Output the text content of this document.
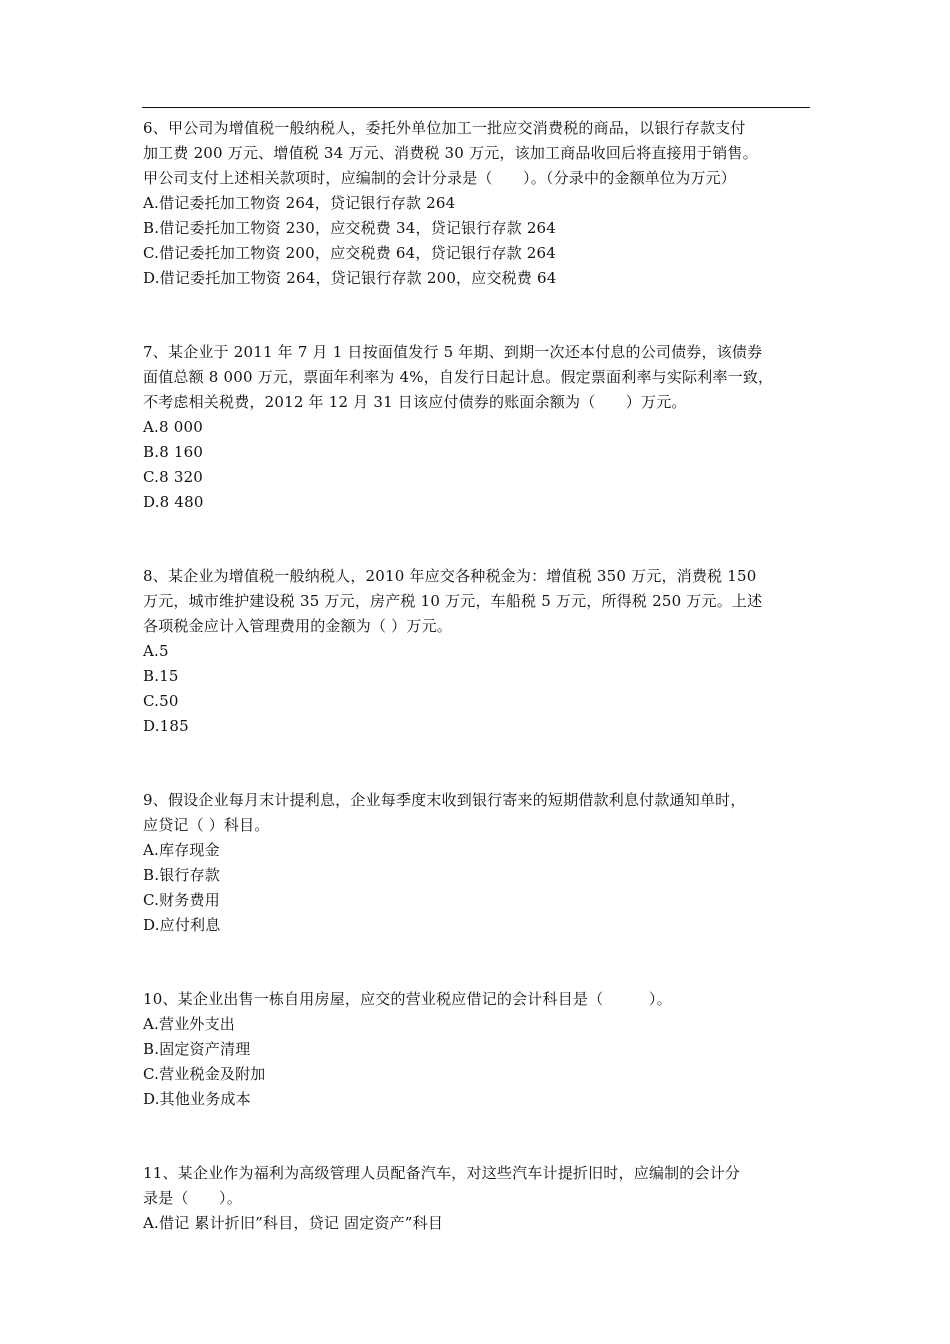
6、甲公司为增值税一般纳税人，委托外单位加工一批应交消费税的商品，以银行存款支付
加工费 200 万元、增值税 34 万元、消费税 30 万元，该加工商品收回后将直接用于销售。
甲公司支付上述相关款项时，应编制的会计分录是（　　）。（分录中的金额单位为万元）
A.借记委托加工物资 264，贷记银行存款 264
B.借记委托加工物资 230，应交税费 34，贷记银行存款 264
C.借记委托加工物资 200，应交税费 64，贷记银行存款 264
D.借记委托加工物资 264，贷记银行存款 200，应交税费 64
7、某企业于 2011 年 7 月 1 日按面值发行 5 年期、到期一次还本付息的公司债券，该债券
面值总额 8 000 万元，票面年利率为 4%，自发行日起计息。假定票面利率与实际利率一致，
不考虑相关税费，2012 年 12 月 31 日该应付债券的账面余额为（　　）万元。
A.8 000
B.8 160
C.8 320
D.8 480
8、某企业为增值税一般纳税人，2010 年应交各种税金为：增值税 350 万元，消费税 150
万元，城市维护建设税 35 万元，房产税 10 万元，车船税 5 万元，所得税 250 万元。上述
各项税金应计入管理费用的金额为（ ）万元。
A.5
B.15
C.50
D.185
9、假设企业每月末计提利息，企业每季度末收到银行寄来的短期借款利息付款通知单时，
应贷记（ ）科目。
A.库存现金
B.银行存款
C.财务费用
D.应付利息
10、某企业出售一栋自用房屋，应交的营业税应借记的会计科目是（　　　）。
A.营业外支出
B.固定资产清理
C.营业税金及附加
D.其他业务成本
11、某企业作为福利为高级管理人员配备汽车，对这些汽车计提折旧时，应编制的会计分
录是（　　）。
A.借记 累计折旧”科目，贷记 固定资产”科目
